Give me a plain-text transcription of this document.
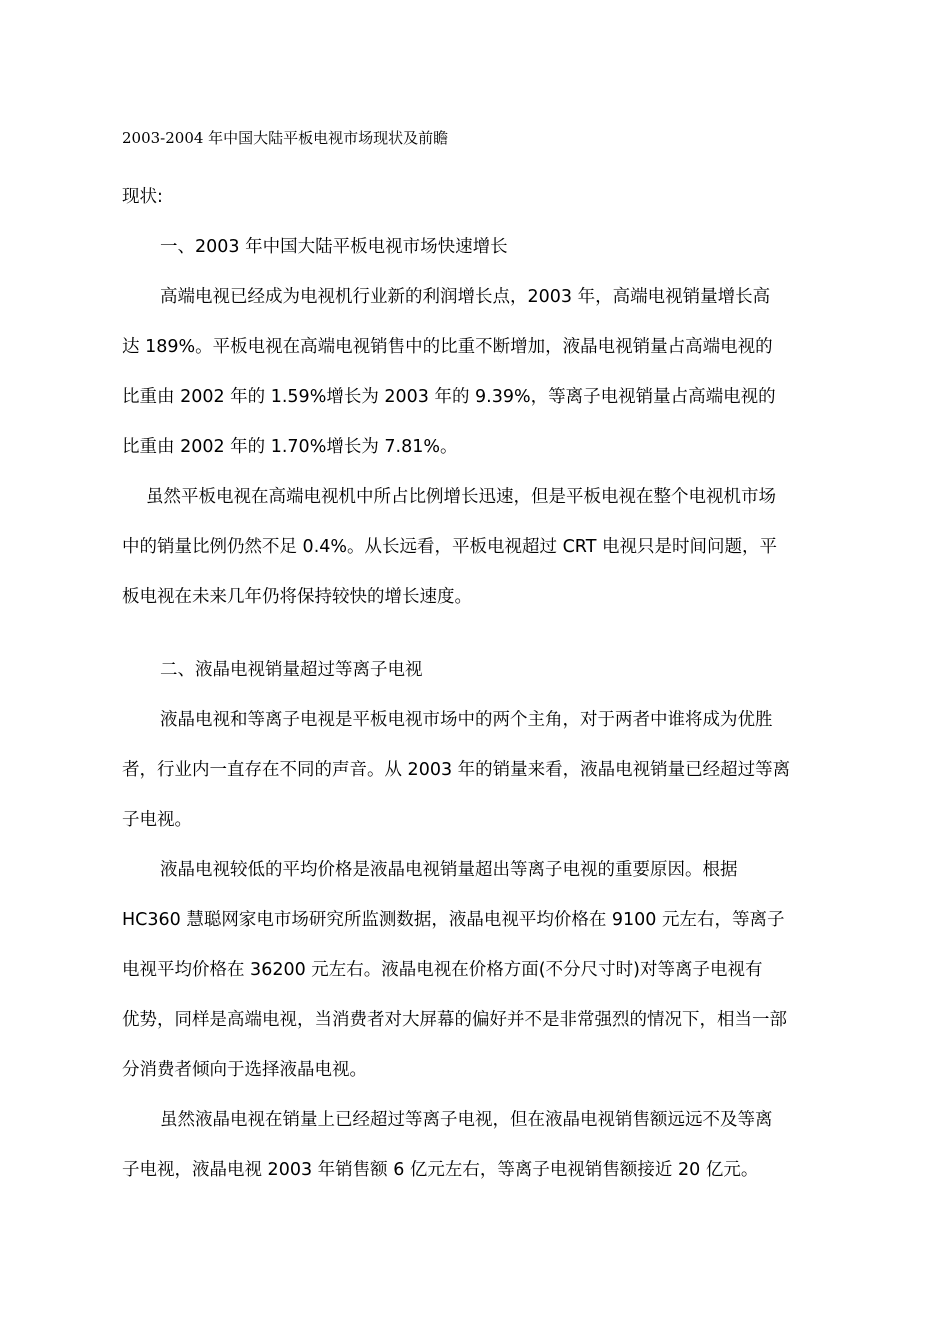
2003-2004 年中国大陆平板电视市场现状及前瞻
现状:
一、2003 年中国大陆平板电视市场快速增长
高端电视已经成为电视机行业新的利润增长点，2003 年，高端电视销量增长高
达 189%。平板电视在高端电视销售中的比重不断增加，液晶电视销量占高端电视的
比重由 2002 年的 1.59%增长为 2003 年的 9.39%，等离子电视销量占高端电视的
比重由 2002 年的 1.70%增长为 7.81%。
虽然平板电视在高端电视机中所占比例增长迅速，但是平板电视在整个电视机市场
中的销量比例仍然不足 0.4%。从长远看，平板电视超过 CRT 电视只是时间问题，平
板电视在未来几年仍将保持较快的增长速度。
二、液晶电视销量超过等离子电视
液晶电视和等离子电视是平板电视市场中的两个主角，对于两者中谁将成为优胜
者，行业内一直存在不同的声音。从 2003 年的销量来看，液晶电视销量已经超过等离
子电视。
液晶电视较低的平均价格是液晶电视销量超出等离子电视的重要原因。根据
HC360 慧聪网家电市场研究所监测数据，液晶电视平均价格在 9100 元左右，等离子
电视平均价格在 36200 元左右。液晶电视在价格方面(不分尺寸时)对等离子电视有
优势，同样是高端电视，当消费者对大屏幕的偏好并不是非常强烈的情况下，相当一部
分消费者倾向于选择液晶电视。
虽然液晶电视在销量上已经超过等离子电视，但在液晶电视销售额远远不及等离
子电视，液晶电视 2003 年销售额 6 亿元左右，等离子电视销售额接近 20 亿元。
